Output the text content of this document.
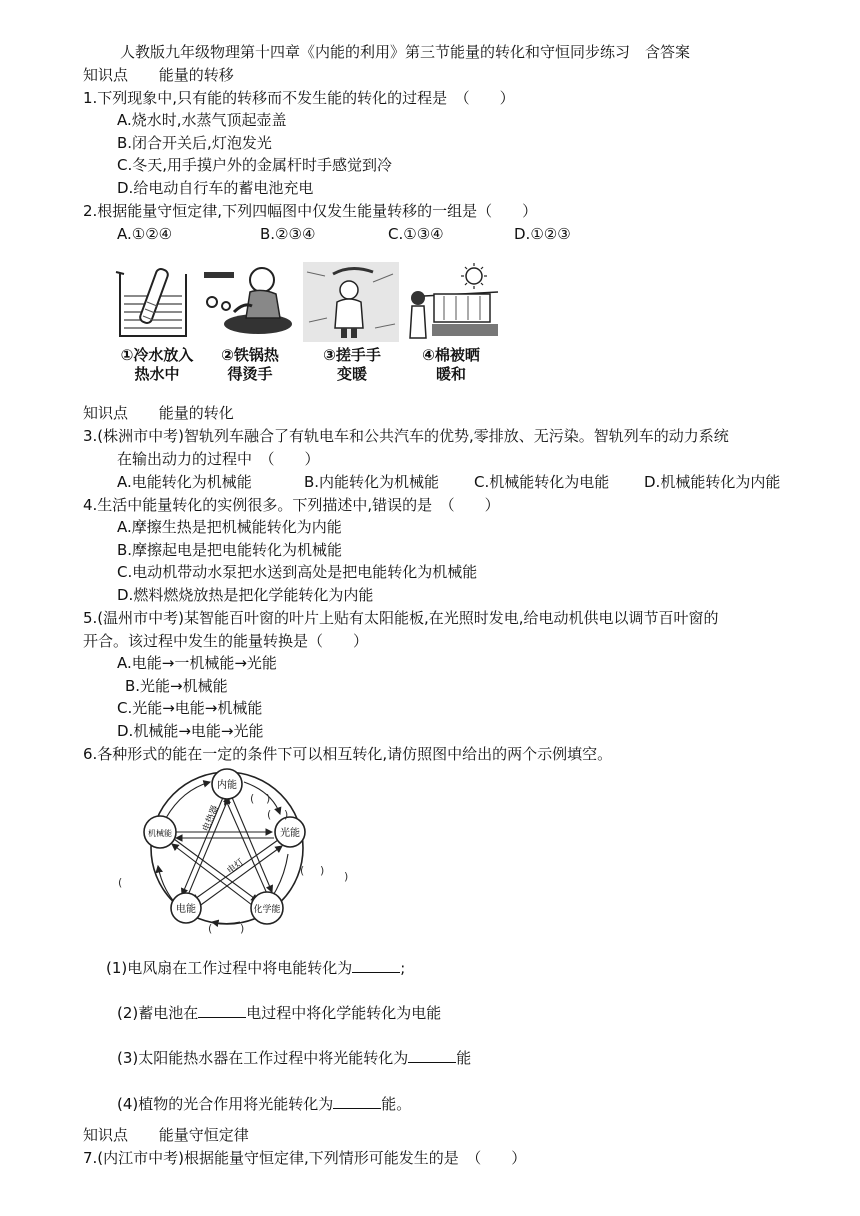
人教版九年级物理第十四章《内能的利用》第三节能量的转化和守恒同步练习　含答案
知识点 能量的转移
1.下列现象中,只有能的转移而不发生能的转化的过程是　（　　）
A.烧水时,水蒸气顶起壶盖
B.闭合开关后,灯泡发光
C.冬天,用手摸户外的金属杆时手感觉到冷
D.给电动自行车的蓄电池充电
2.根据能量守恒定律,下列四幅图中仅发生能量转移的一组是（　　）
A.①②④	B.②③④	C.①③④	D.①②③
①冷水放入
热水中
②铁锅热
得烫手
③搓手手
变暖
④棉被晒
暖和
知识点 能量的转化
3.(株洲市中考)智轨列车融合了有轨电车和公共汽车的优势,零排放、无污染。智轨列车的动力系统
在输出动力的过程中　（　　）
A.电能转化为机械能	B.内能转化为机械能 C.机械能转化为电能 D.机械能转化为内能
4.生活中能量转化的实例很多。下列描述中,错误的是　（　　）
A.摩擦生热是把机械能转化为内能
B.摩擦起电是把电能转化为机械能
C.电动机带动水泵把水送到高处是把电能转化为机械能
D.燃料燃烧放热是把化学能转化为内能
5.(温州市中考)某智能百叶窗的叶片上贴有太阳能板,在光照时发电,给电动机供电以调节百叶窗的
开合。该过程中发生的能量转换是（　　）
A.电能→一机械能→光能
B.光能→机械能
C.光能→电能→机械能
D.机械能→电能→光能
6.各种形式的能在一定的条件下可以相互转化,请仿照图中给出的两个示例填空。
内能
光能
化学能
电能
机械能
电热器
电灯
( )
( )
(	)
(	)
( )
(1)电风扇在工作过程中将电能转化为	;
(2)蓄电池在	电过程中将化学能转化为电能
(3)太阳能热水器在工作过程中将光能转化为	能
(4)植物的光合作用将光能转化为	能。
知识点 能量守恒定律
7.(内江市中考)根据能量守恒定律,下列情形可能发生的是　（　　）
